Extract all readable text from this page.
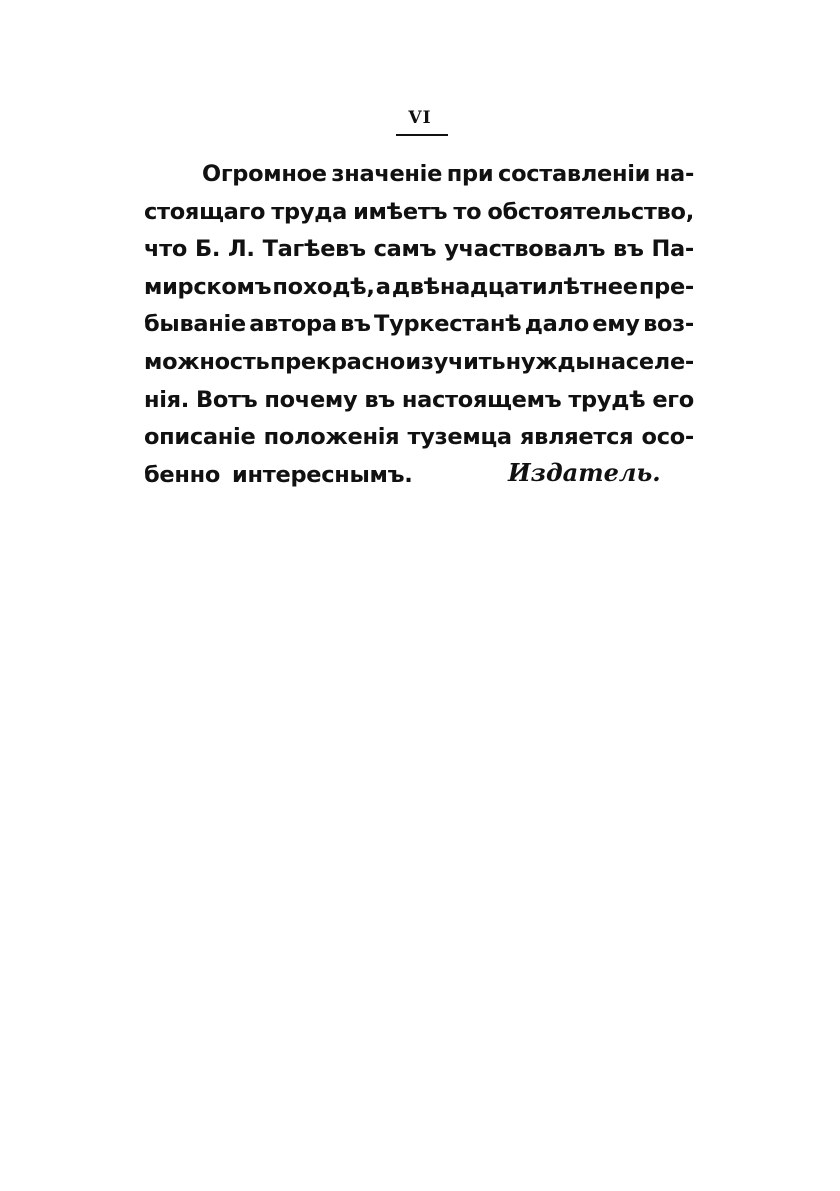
VI
Огромное значенie при составленiи на-
стоящаго труда имѣетъ то обстоятельство,
что Б. Л. Тагѣевъ самъ участвовалъ въ Па-
мирскомъ походѣ, а двѣнадцатилѣтнее пре-
бываніе автора въ Туркестанѣ дало ему воз-
можность прекрасно изучить нужды населе-
нія. Вотъ почему въ настоящемъ трудѣ его
описаніе положенія туземца является осо-
бенно интереснымъ.	Издатель.
